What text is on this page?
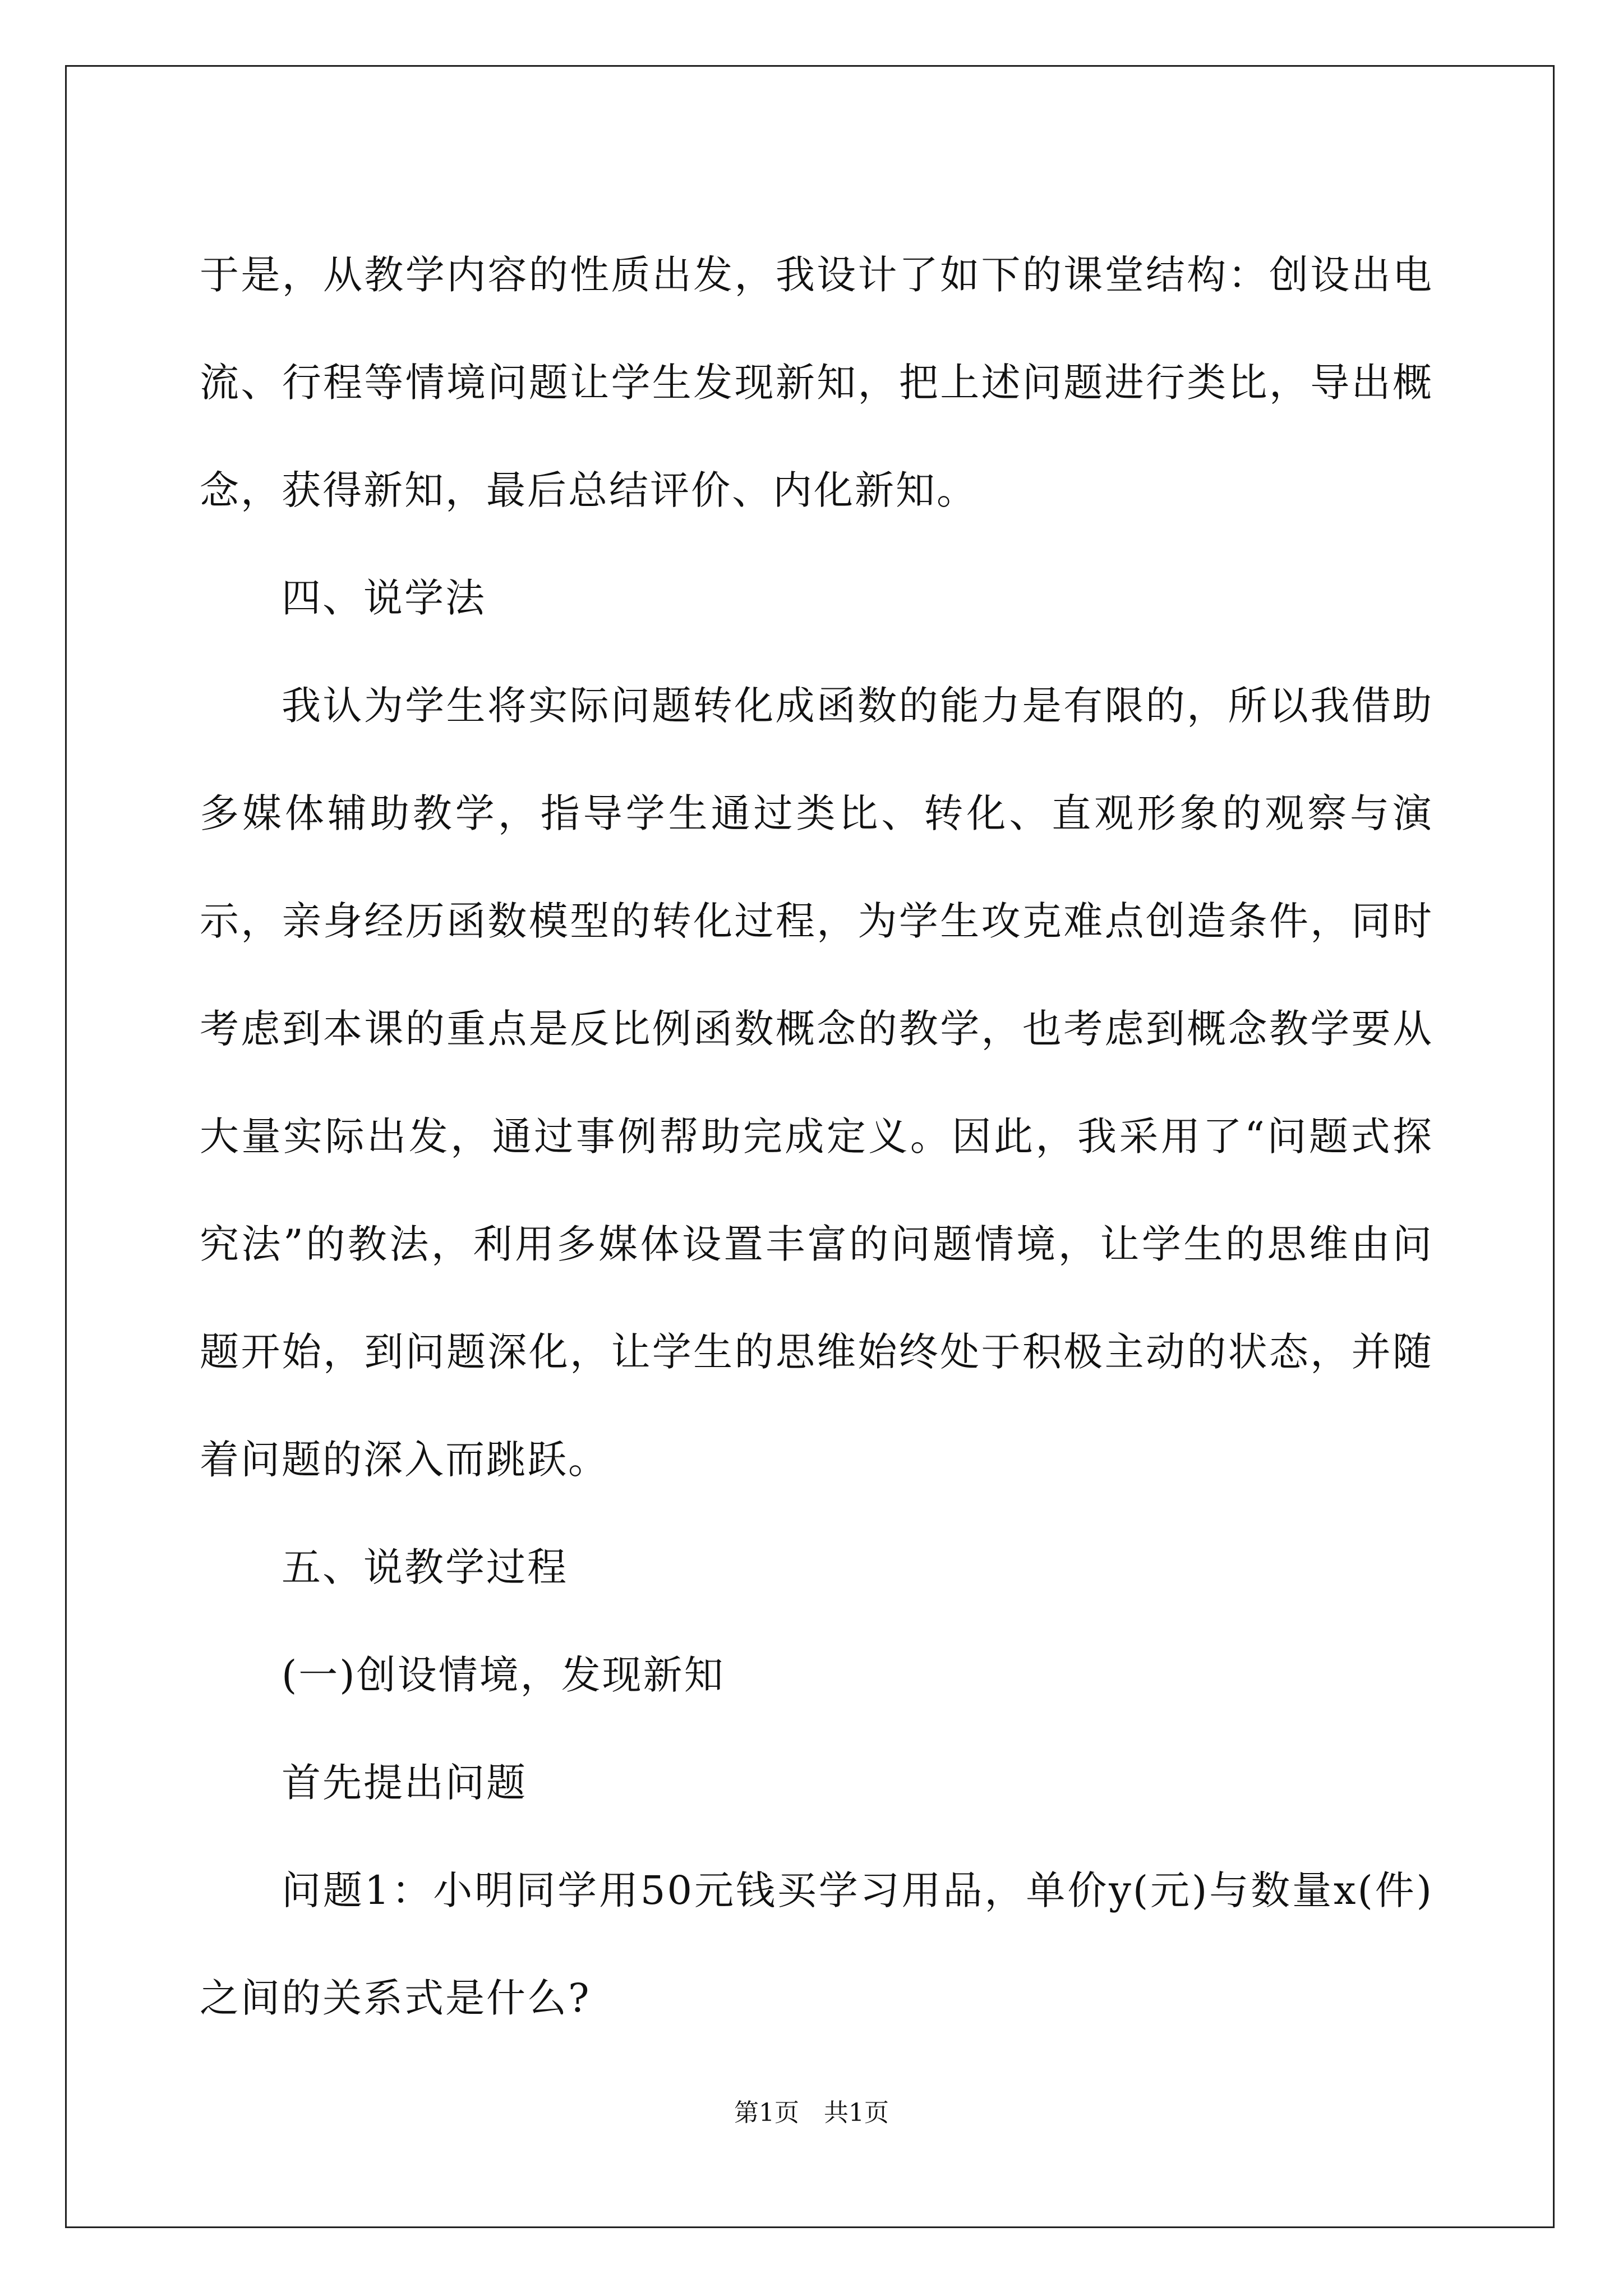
于是，从教学内容的性质出发，我设计了如下的课堂结构：创设出电流、行程等情境问题让学生发现新知，把上述问题进行类比，导出概念，获得新知，最后总结评价、内化新知。

四、说学法

我认为学生将实际问题转化成函数的能力是有限的，所以我借助多媒体辅助教学，指导学生通过类比、转化、直观形象的观察与演示，亲身经历函数模型的转化过程，为学生攻克难点创造条件，同时考虑到本课的重点是反比例函数概念的教学，也考虑到概念教学要从大量实际出发，通过事例帮助完成定义。因此，我采用了“问题式探究法”的教法，利用多媒体设置丰富的问题情境，让学生的思维由问题开始，到问题深化，让学生的思维始终处于积极主动的状态，并随着问题的深入而跳跃。

五、说教学过程

(一)创设情境，发现新知

首先提出问题

问题1：小明同学用50元钱买学习用品，单价y(元)与数量x(件)之间的关系式是什么?

第1页　共1页
